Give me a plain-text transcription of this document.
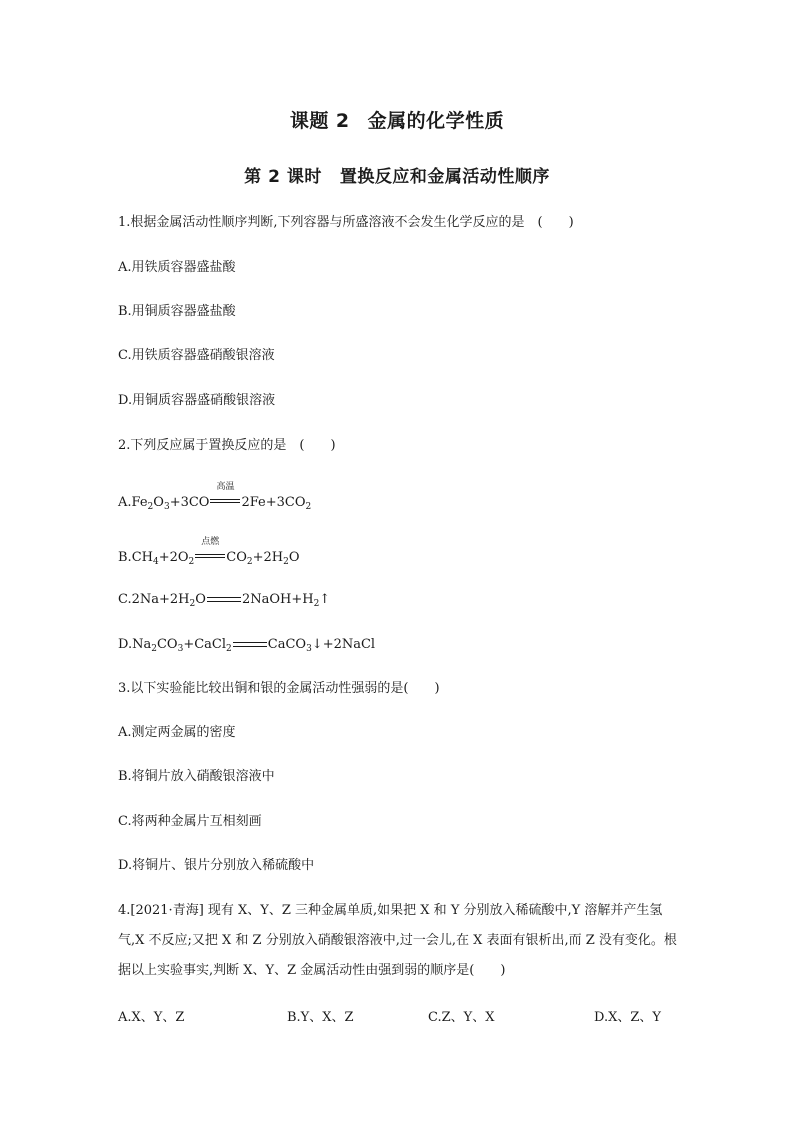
课题 2 金属的化学性质
第 2 课时 置换反应和金属活动性顺序
1.根据金属活动性顺序判断,下列容器与所盛溶液不会发生化学反应的是　(　　)
A.用铁质容器盛盐酸
B.用铜质容器盛盐酸
C.用铁质容器盛硝酸银溶液
D.用铜质容器盛硝酸银溶液
2.下列反应属于置换反应的是　(　　)
$A.Fe_2O_3+3CO$
高温
$2Fe+3CO_2$
$B.CH_4+2O_2$
点燃
$CO_2+2H_2O$
$C.2Na+2H_2O$	$2NaOH+H_2↑$
$D.Na_2CO_3+CaCl_2$	CaCO$_3$↓+2NaCl
3.以下实验能比较出铜和银的金属活动性强弱的是(　　)
A.测定两金属的密度
B.将铜片放入硝酸银溶液中
C.将两种金属片互相刻画
D.将铜片、银片分别放入稀硫酸中
4.[2021·青海] 现有 X、Y、Z 三种金属单质,如果把 X 和 Y 分别放入稀硫酸中,Y 溶解并产生氢气,X 不反应;又把 X 和 Z 分别放入硝酸银溶液中,过一会儿,在 X 表面有银析出,而 Z 没有变化。根据以上实验事实,判断 X、Y、Z 金属活动性由强到弱的顺序是(　　)
A.X、Y、Z	B.Y、X、Z	C.Z、Y、X	D.X、Z、Y
